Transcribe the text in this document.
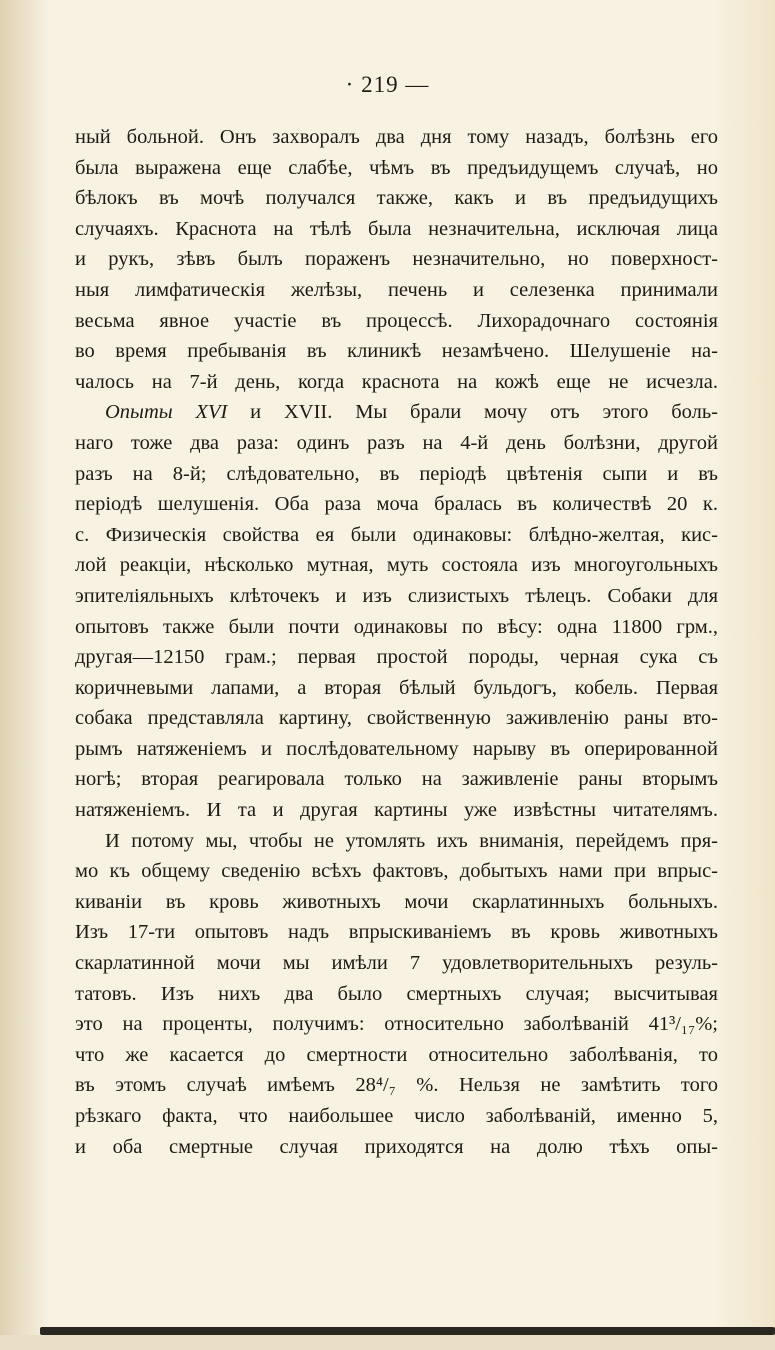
· 219 —
ный больной. Онъ захворалъ два дня тому назадъ, болѣзнь его
была выражена еще слабѣе, чѣмъ въ предъидущемъ случаѣ, но
бѣлокъ въ мочѣ получался также, какъ и въ предъидущихъ
случаяхъ. Краснота на тѣлѣ была незначительна, исключая лица
и рукъ, зѣвъ былъ пораженъ незначительно, но поверхност-
ныя лимфатическія желѣзы, печень и селезенка принимали
весьма явное участіе въ процессѣ. Лихорадочнаго состоянія
во время пребыванія въ клиникѣ незамѣчено. Шелушеніе на-
чалось на 7-й день, когда краснота на кожѣ еще не исчезла.
Опыты XVI и XVII. Мы брали мочу отъ этого боль-
наго тоже два раза: одинъ разъ на 4-й день болѣзни, другой
разъ на 8-й; слѣдовательно, въ періодѣ цвѣтенія сыпи и въ
періодѣ шелушенія. Оба раза моча бралась въ количествѣ 20 к.
с. Физическія свойства ея были одинаковы: блѣдно-желтая, кис-
лой реакціи, нѣсколько мутная, муть состояла изъ многоугольныхъ
эпителіяльныхъ клѣточекъ и изъ слизистыхъ тѣлецъ. Собаки для
опытовъ также были почти одинаковы по вѣсу: одна 11800 грм.,
другая—12150 грам.; первая простой породы, черная сука съ
коричневыми лапами, а вторая бѣлый бульдогъ, кобель. Первая
собака представляла картину, свойственную заживленію раны вто-
рымъ натяженіемъ и послѣдовательному нарыву въ оперированной
ногѣ; вторая реагировала только на заживленіе раны вторымъ
натяженіемъ. И та и другая картины уже извѣстны читателямъ.
И потому мы, чтобы не утомлять ихъ вниманія, перейдемъ пря-
мо къ общему сведенію всѣхъ фактовъ, добытыхъ нами при впрыс-
киваніи въ кровь животныхъ мочи скарлатинныхъ больныхъ.
Изъ 17-ти опытовъ надъ впрыскиваніемъ въ кровь животныхъ
скарлатинной мочи мы имѣли 7 удовлетворительныхъ резуль-
татовъ. Изъ нихъ два было смертныхъ случая; высчитывая
это на проценты, получимъ: относительно заболѣваній 41³/₁₇%;
что же касается до смертности относительно заболѣванія, то
въ этомъ случаѣ имѣемъ 28⁴/₇ %. Нельзя не замѣтить того
рѣзкаго факта, что наибольшее число заболѣваній, именно 5,
и оба смертные случая приходятся на долю тѣхъ опы-
